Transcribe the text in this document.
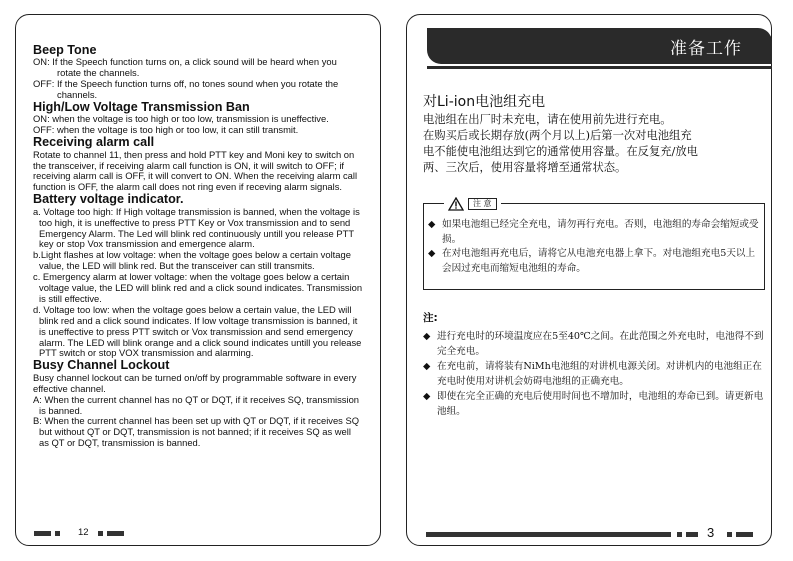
Beep Tone

ON: If the Speech function turns on, a click sound will be heard when you rotate the channels.

OFF: If the Speech function turns off, no tones sound when you rotate the channels.

High/Low Voltage Transmission Ban

ON: when the voltage is too high or too low, transmission is uneffective.

OFF: when the voltage is too high or too low, it can still transmit.

Receiving alarm call

Rotate to channel 11, then press and hold PTT key and Moni key to switch on the transceiver, if receiving alarm call function is ON, it will switch to OFF; if receiving alarm call is OFF, it will convert to ON. When the receiving alarm call function is OFF, the alarm call does not ring even if receving alarm signals.

Battery voltage indicator.

a. Voltage too high: If High voltage transmission is banned, when the voltage is too high, it is uneffective to press PTT Key or Vox transmission and to send Emergency Alarm. The Led will blink red continuously untill you release PTT key or stop Vox transmission and emergence alarm.

b.Light flashes at low voltage: when the voltage goes below a certain voltage value, the LED will blink red. But the transceiver can still transmits.

c. Emergency alarm at lower voltage: when the voltage goes below a certain voltage value, the LED will blink red and a click sound indicates. Transmission is still effective.

d. Voltage too low: when the voltage goes below a certain value, the LED will blink red and a click sound indicates. If low voltage transmission is banned, it is uneffective to press PTT switch or Vox transmission and send emergency alarm. The LED will blink orange and a click sound indicates untill you release PTT switch or stop VOX transmission and alarming.

Busy Channel Lockout

Busy channel lockout can be turned on/off by programmable software in every effective channel.

A: When the current channel has no QT or DQT, if it receives SQ, transmission is banned.

B: When the current channel has been set up with QT or DQT, if it receives SQ but without QT or DQT, transmission is not banned; if it receives SQ as well as QT or DQT, transmission is banned.

12
准备工作
对Li-ion电池组充电
电池组在出厂时未充电，请在使用前先进行充电。
在购买后或长期存放(两个月以上)后第一次对电池组充
电不能使电池组达到它的通常使用容量。在反复充/放电
两、三次后，使用容量将增至通常状态。
注 意
◆ 如果电池组已经完全充电，请勿再行充电。否则，电池组的寿命会缩短或受损。
◆ 在对电池组再充电后，请将它从电池充电器上拿下。对电池组充电5天以上会因过充电而缩短电池组的寿命。
注:
◆ 进行充电时的环境温度应在5至40℃之间。在此范围之外充电时，电池得不到完全充电。
◆ 在充电前，请将装有NiMh电池组的对讲机电源关闭。对讲机内的电池组正在充电时使用对讲机会妨碍电池组的正确充电。
◆ 即使在完全正确的充电后使用时间也不增加时，电池组的寿命已到。请更新电池组。
3
